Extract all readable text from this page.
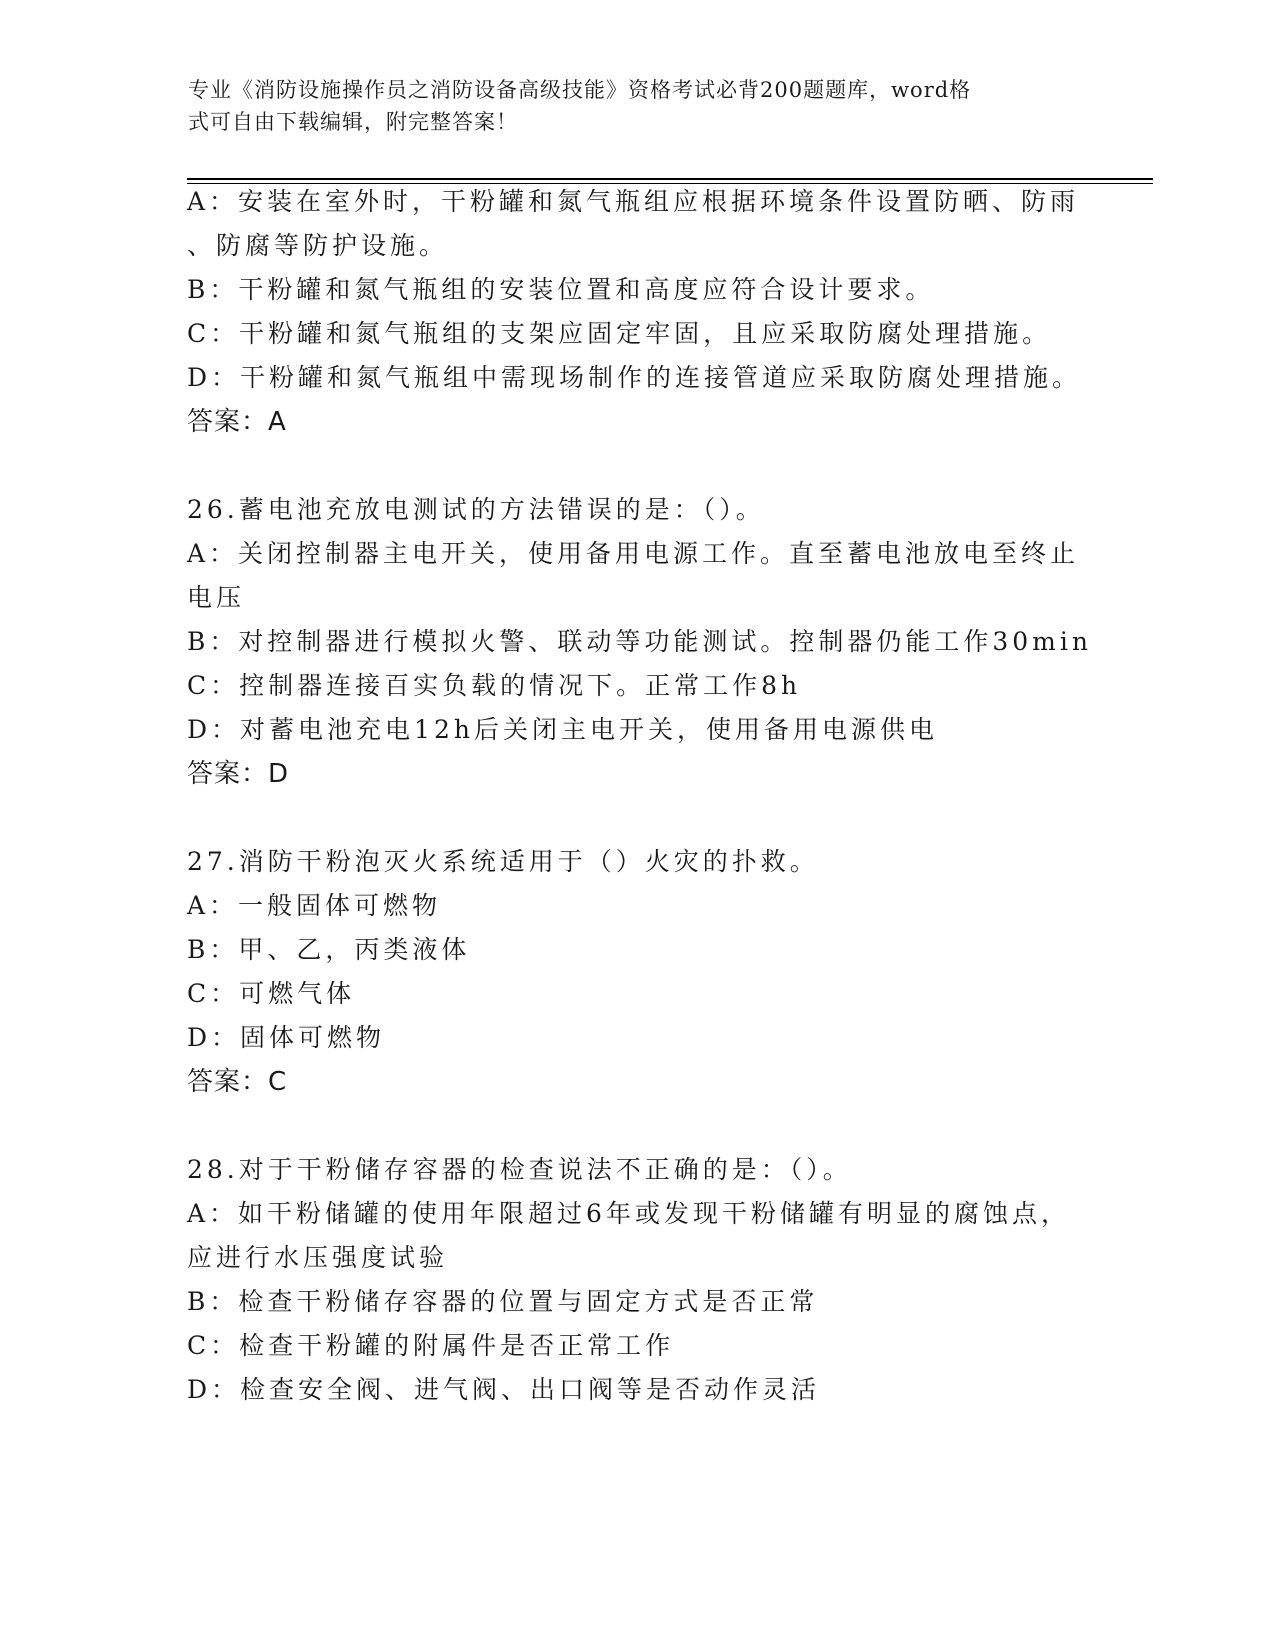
专业《消防设施操作员之消防设备高级技能》资格考试必背200题题库，word格
式可自由下载编辑，附完整答案！
A：安装在室外时，干粉罐和氮气瓶组应根据环境条件设置防晒、防雨
、防腐等防护设施。
B：干粉罐和氮气瓶组的安装位置和高度应符合设计要求。
C：干粉罐和氮气瓶组的支架应固定牢固，且应采取防腐处理措施。
D：干粉罐和氮气瓶组中需现场制作的连接管道应采取防腐处理措施。
答案：A
26.蓄电池充放电测试的方法错误的是：（）。
A：关闭控制器主电开关，使用备用电源工作。直至蓄电池放电至终止
电压
B：对控制器进行模拟火警、联动等功能测试。控制器仍能工作30min
C：控制器连接百实负载的情况下。正常工作8h
D：对蓄电池充电12h后关闭主电开关，使用备用电源供电
答案：D
27.消防干粉泡灭火系统适用于（）火灾的扑救。
A：一般固体可燃物
B：甲、乙，丙类液体
C：可燃气体
D：固体可燃物
答案：C
28.对于干粉储存容器的检查说法不正确的是：（）。
A：如干粉储罐的使用年限超过6年或发现干粉储罐有明显的腐蚀点，
应进行水压强度试验
B：检查干粉储存容器的位置与固定方式是否正常
C：检查干粉罐的附属件是否正常工作
D：检查安全阀、进气阀、出口阀等是否动作灵活
